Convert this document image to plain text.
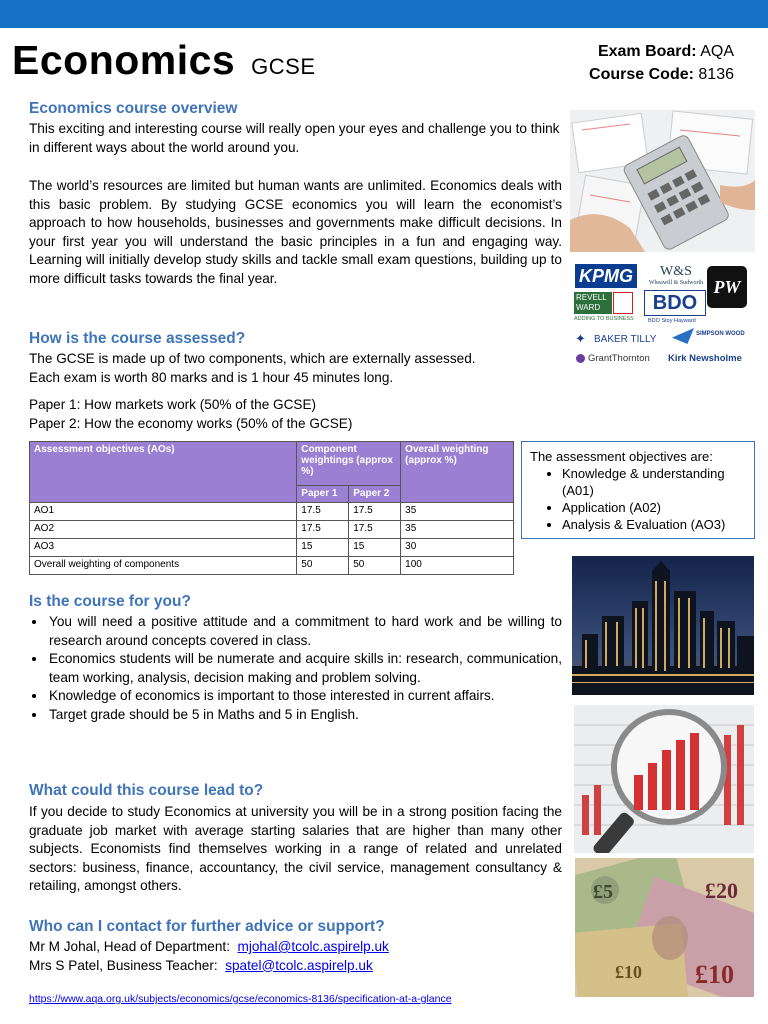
Economics GCSE
Exam Board: AQA
Course Code: 8136
Economics course overview
This exciting and interesting course will really open your eyes and challenge you to think in different ways about the world around you.
The world’s resources are limited but human wants are unlimited. Economics deals with this basic problem. By studying GCSE economics you will learn the economist’s approach to how households, businesses and governments make difficult decisions. In your first year you will understand the basic principles in a fun and engaging way. Learning will initially develop study skills and tackle small exam questions, building up to more difficult tasks towards the final year.
How is the course assessed?
The GCSE is made up of two components, which are externally assessed.
Each exam is worth 80 marks and is 1 hour 45 minutes long.
Paper 1: How markets work (50% of the GCSE)
Paper 2: How the economy works (50% of the GCSE)
Assessment objectives (AOs)	Component weightings (approx %)		Overall weighting (approx %)
	Paper 1	Paper 2	
AO1	17.5	17.5	35
AO2	17.5	17.5	35
AO3	15	15	30
Overall weighting of components	50	50	100
The assessment objectives are:
• Knowledge & understanding (A01)
• Application (A02)
• Analysis & Evaluation (AO3)
Is the course for you?
• You will need a positive attitude and a commitment to hard work and be willing to research around concepts covered in class.
• Economics students will be numerate and acquire skills in: research, communication, team working, analysis, decision making and problem solving.
• Knowledge of economics is important to those interested in current affairs.
• Target grade should be 5 in Maths and 5 in English.
What could this course lead to?
If you decide to study Economics at university you will be in a strong position facing the graduate job market with average starting salaries that are higher than many other subjects. Economists find themselves working in a range of related and unrelated sectors: business, finance, accountancy, the civil service, management consultancy & retailing, amongst others.
Who can I contact for further advice or support?
Mr M Johal, Head of Department: mjohal@tcolc.aspirelp.uk
Mrs S Patel, Business Teacher: spatel@tcolc.aspirelp.uk
https://www.aqa.org.uk/subjects/economics/gcse/economics-8136/specification-at-a-glance
KPMG	W&S
Wheawill & Sudworth PW
REVELL WARD
ADDING TO BUSINESS
BDO
BDO Stoy Hayward
BAKER TILLY
✦	SIMPSON WOOD
GrantThornton Kirk Newsholme
£5	£20
£10 £10
